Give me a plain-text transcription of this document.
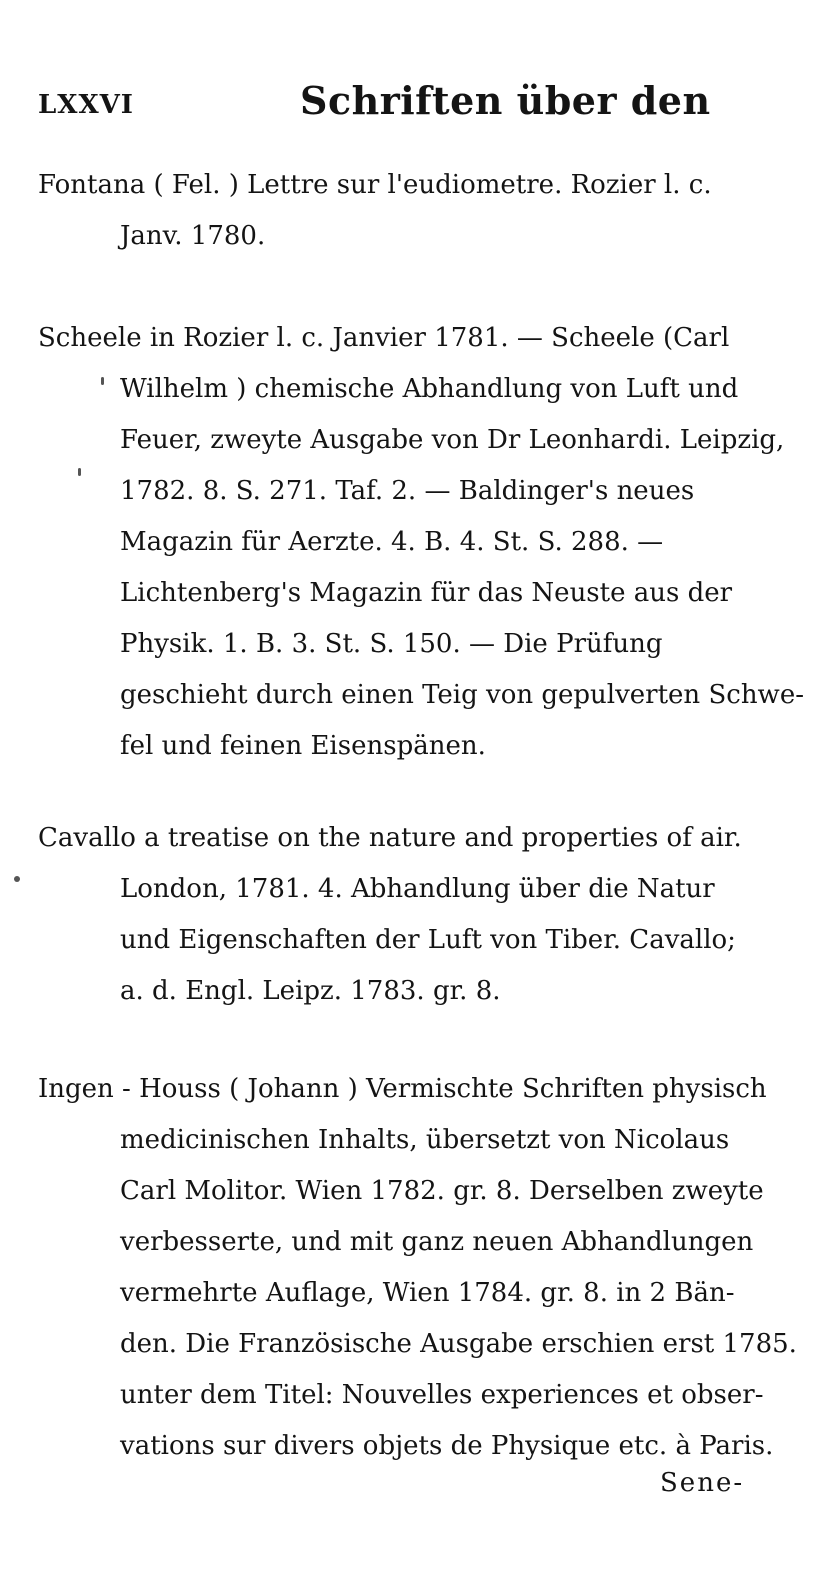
LXXVI	Schriften über den
Fontana ( Fel. ) Lettre sur l'eudiometre. Rozier l. c.
Janv. 1780.
Scheele in Rozier l. c. Janvier 1781. — Scheele (Carl
Wilhelm ) chemische Abhandlung von Luft und
Feuer, zweyte Ausgabe von Dr Leonhardi. Leipzig,
1782. 8. S. 271. Taf. 2. — Baldinger's neues
Magazin für Aerzte. 4. B. 4. St. S. 288. —
Lichtenberg's Magazin für das Neuste aus der
Physik. 1. B. 3. St. S. 150. — Die Prüfung
geschieht durch einen Teig von gepulverten Schwe-
fel und feinen Eisenspänen.
Cavallo a treatise on the nature and properties of air.
London, 1781. 4. Abhandlung über die Natur
und Eigenschaften der Luft von Tiber. Cavallo;
a. d. Engl. Leipz. 1783. gr. 8.
Ingen - Houss ( Johann ) Vermischte Schriften physisch
medicinischen Inhalts, übersetzt von Nicolaus
Carl Molitor. Wien 1782. gr. 8. Derselben zweyte
verbesserte, und mit ganz neuen Abhandlungen
vermehrte Auflage, Wien 1784. gr. 8. in 2 Bän-
den. Die Französische Ausgabe erschien erst 1785.
unter dem Titel: Nouvelles experiences et obser-
vations sur divers objets de Physique etc. à Paris.
Sene-
